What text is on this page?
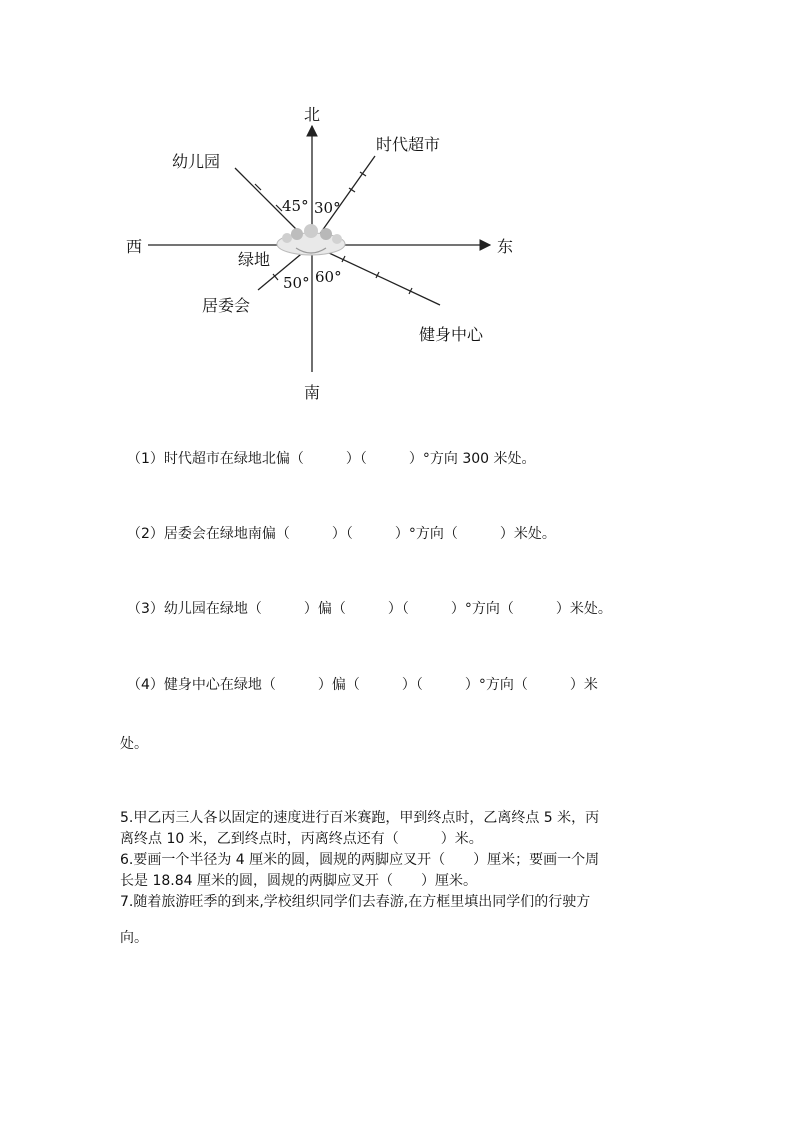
北
南
东
西
绿地
幼儿园
时代超市
居委会
健身中心
45° 30°
50° 60°
（1）时代超市在绿地北偏（　　　）（　　　）°方向 300 米处。
（2）居委会在绿地南偏（　　　）（　　　）°方向（　　　）米处。
（3）幼儿园在绿地（　　　）偏（　　　）（　　　）°方向（　　　）米处。
（4）健身中心在绿地（　　　）偏（　　　）（　　　）°方向（　　　）米
处。
5.甲乙丙三人各以固定的速度进行百米赛跑，甲到终点时，乙离终点 5 米，丙
离终点 10 米，乙到终点时，丙离终点还有（　　　）米。
6.要画一个半径为 4 厘米的圆，圆规的两脚应叉开（　　）厘米；要画一个周
长是 18.84 厘米的圆，圆规的两脚应叉开（　　）厘米。
7.随着旅游旺季的到来,学校组织同学们去春游,在方框里填出同学们的行驶方
向。
